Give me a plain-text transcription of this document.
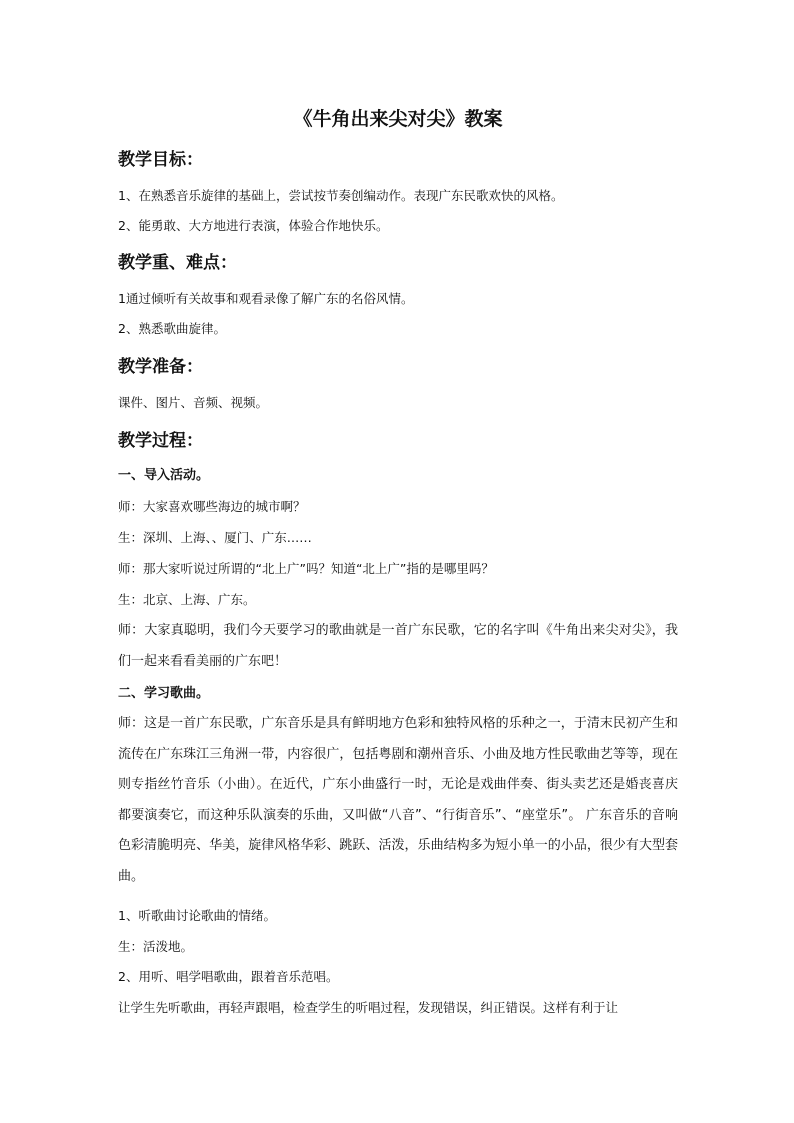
《牛角出来尖对尖》教案
教学目标：
1、在熟悉音乐旋律的基础上，尝试按节奏创编动作。表现广东民歌欢快的风格。
2、能勇敢、大方地进行表演，体验合作地快乐。
教学重、难点：
1通过倾听有关故事和观看录像了解广东的名俗风情。
2、熟悉歌曲旋律。
教学准备：
课件、图片、音频、视频。
教学过程：
一、导入活动。
师：大家喜欢哪些海边的城市啊？
生：深圳、上海、、厦门、广东……
师：那大家听说过所谓的“北上广”吗？知道“北上广”指的是哪里吗？
生：北京、上海、广东。
师：大家真聪明，我们今天要学习的歌曲就是一首广东民歌，它的名字叫《牛角出来尖对尖》，我们一起来看看美丽的广东吧！
二、学习歌曲。
师：这是一首广东民歌，广东音乐是具有鲜明地方色彩和独特风格的乐种之一，于清末民初产生和流传在广东珠江三角洲一带，内容很广，包括粤剧和潮州音乐、小曲及地方性民歌曲艺等等，现在则专指丝竹音乐（小曲）。在近代，广东小曲盛行一时，无论是戏曲伴奏、街头卖艺还是婚丧喜庆都要演奏它，而这种乐队演奏的乐曲，又叫做“八音”、“行街音乐”、“座堂乐”。 广东音乐的音响色彩清脆明亮、华美，旋律风格华彩、跳跃、活泼，乐曲结构多为短小单一的小品，很少有大型套曲。
1、听歌曲讨论歌曲的情绪。
生：活泼地。
2、用听、唱学唱歌曲，跟着音乐范唱。
让学生先听歌曲，再轻声跟唱，检查学生的听唱过程，发现错误，纠正错误。这样有利于让
